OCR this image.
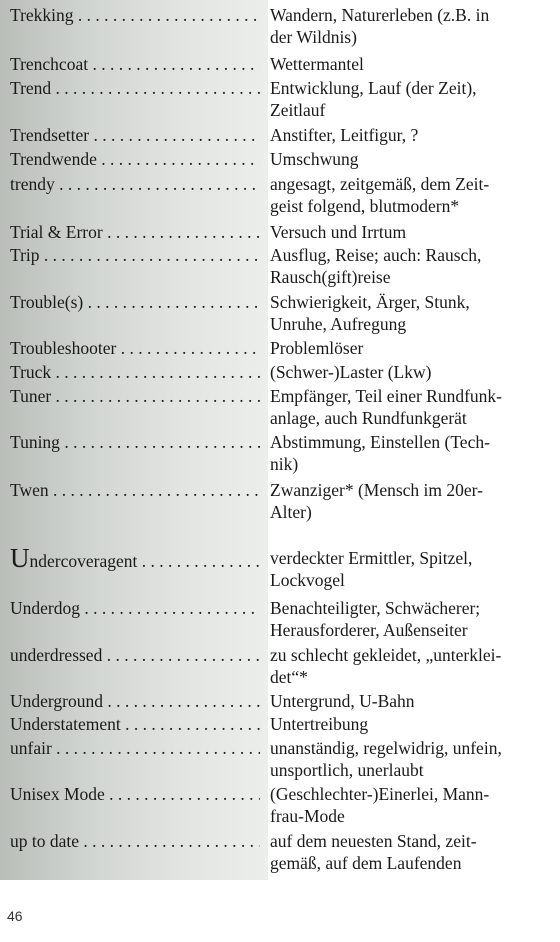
Trekking . . .	Wandern, Naturerleben (z.B. in
der Wildnis)
Trenchcoat . . .	Wettermantel
Trend . . .	Entwicklung, Lauf (der Zeit),
Zeitlauf
Trendsetter . . .	Anstifter, Leitfigur, ?
Trendwende . . .	Umschwung
trendy . . .	angesagt, zeitgemäß, dem Zeit-
geist folgend, blutmodern*
Trial & Error . . .	Versuch und Irrtum
Trip . . .	Ausflug, Reise; auch: Rausch,
Rausch(gift)reise
Trouble(s) . . .	Schwierigkeit, Ärger, Stunk,
Unruhe, Aufregung
Troubleshooter . . .	Problemlöser
Truck . . .	(Schwer-)Laster (Lkw)
Tuner . . .	Empfänger, Teil einer Rundfunk-
anlage, auch Rundfunkgerät
Tuning . . .	Abstimmung, Einstellen (Tech-
nik)
Twen . . .	Zwanziger* (Mensch im 20er-
Alter)
Undercoveragent . . .	verdeckter Ermittler, Spitzel,
Lockvogel
Underdog . . .	Benachteiligter, Schwächerer;
Herausforderer, Außenseiter
underdressed . . .	zu schlecht gekleidet, „unterklei-
det“*
Underground . . .	Untergrund, U-Bahn
Understatement . . .	Untertreibung
unfair . . .	unanständig, regelwidrig, unfein,
unsportlich, unerlaubt
Unisex Mode . . .	(Geschlechter-)Einerlei, Mann-
frau-Mode
up to date . . .	auf dem neuesten Stand, zeit-
gemäß, auf dem Laufenden
46
